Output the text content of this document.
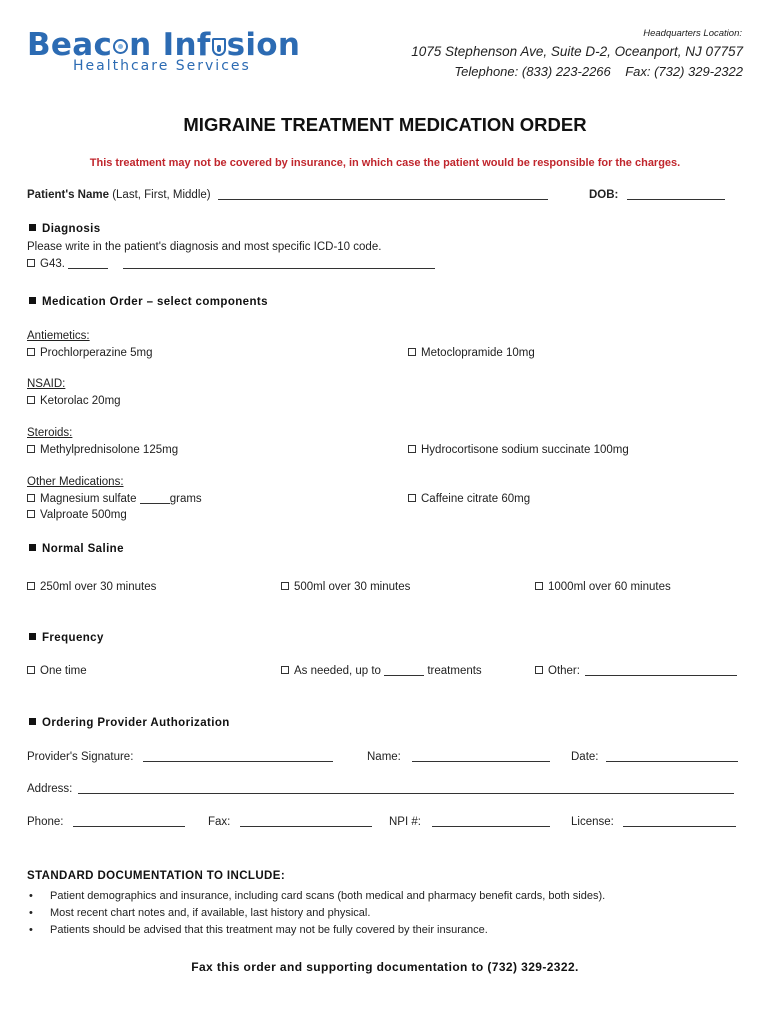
Beac n Inf sion
Healthcare Services
Headquarters Location:
1075 Stephenson Ave, Suite D-2, Oceanport, NJ 07757
Telephone: (833) 223-2266    Fax: (732) 329-2322
MIGRAINE TREATMENT MEDICATION ORDER
This treatment may not be covered by insurance, in which case the patient would be responsible for the charges.
Patient's Name (Last, First, Middle)	DOB:
Diagnosis
Please write in the patient's diagnosis and most specific ICD-10 code.
G43.
Medication Order – select components
Antiemetics:
Prochlorperazine 5mg	Metoclopramide 10mg
NSAID:
Ketorolac 20mg
Steroids:
Methylprednisolone 125mg	Hydrocortisone sodium succinate 100mg
Other Medications:
Magnesium sulfate	grams	Caffeine citrate 60mg
Valproate 500mg
Normal Saline
250ml over 30 minutes	500ml over 30 minutes	1000ml over 60 minutes
Frequency
One time	As needed, up to	treatments	Other:
Ordering Provider Authorization
Provider's Signature:	Name:	Date:
Address:
Phone:	Fax:	NPI #:	License:
STANDARD DOCUMENTATION TO INCLUDE:
• Patient demographics and insurance, including card scans (both medical and pharmacy benefit cards, both sides).
• Most recent chart notes and, if available, last history and physical.
• Patients should be advised that this treatment may not be fully covered by their insurance.
Fax this order and supporting documentation to (732) 329-2322.
